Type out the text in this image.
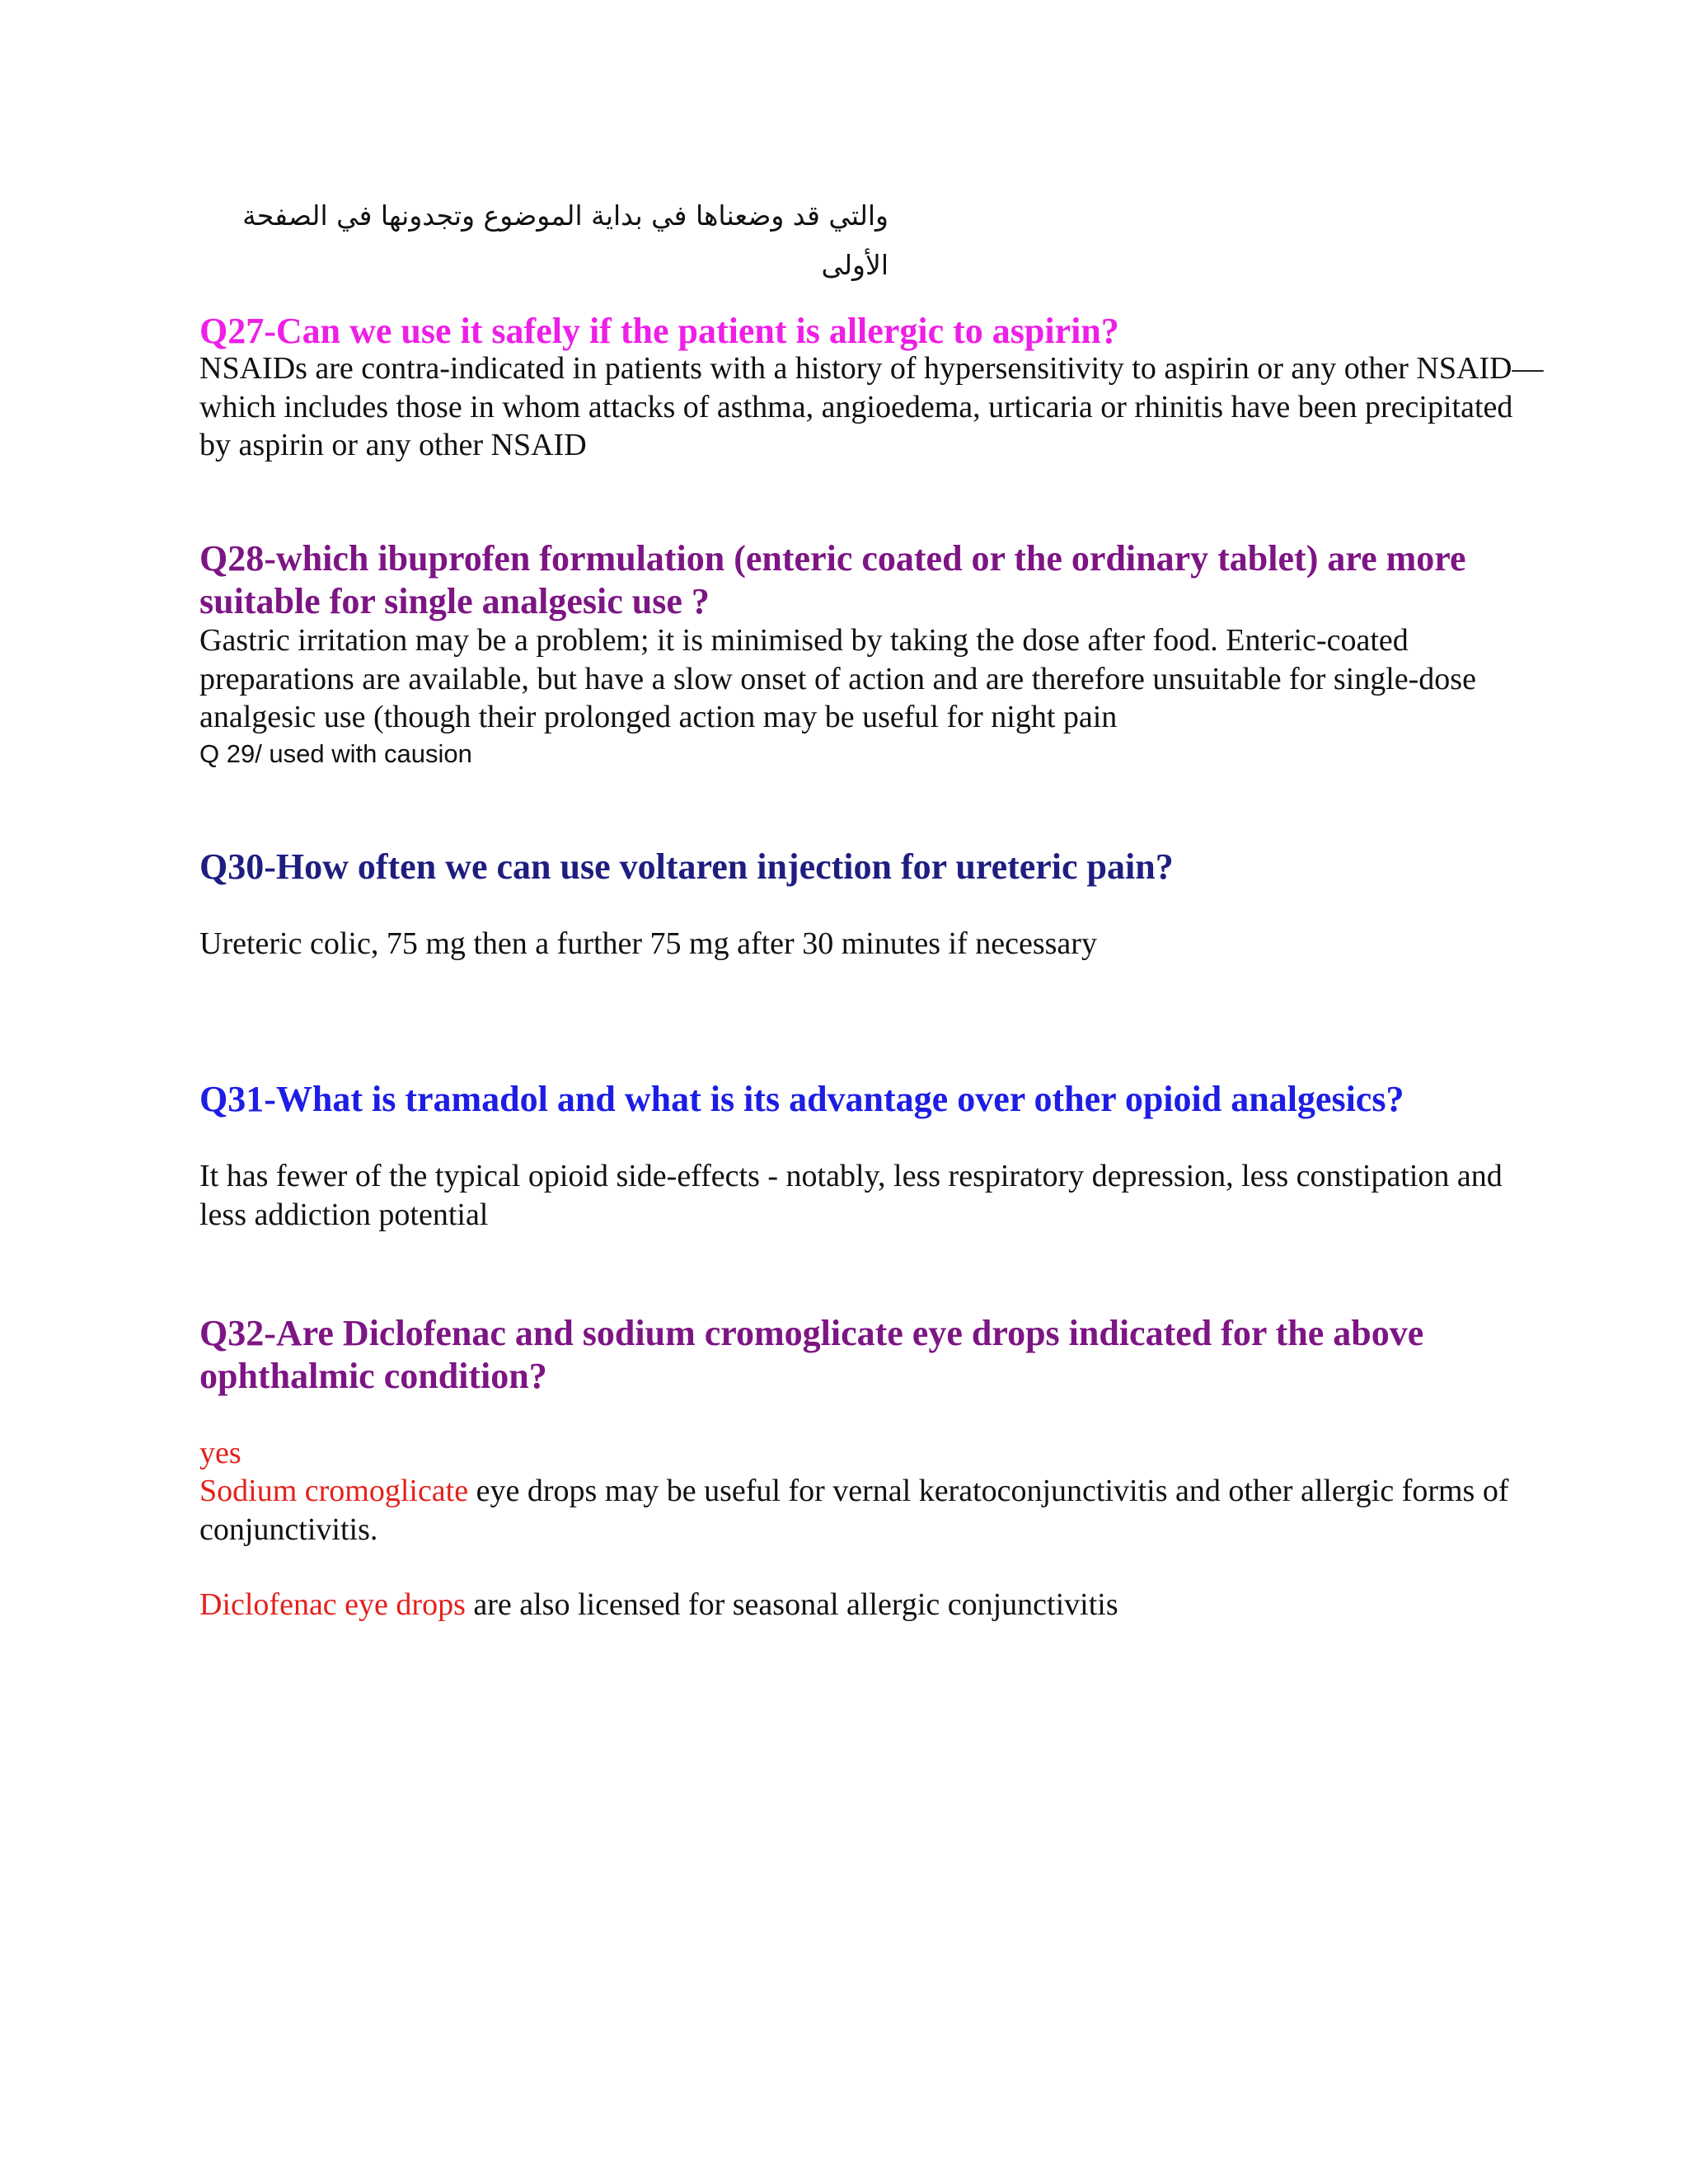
والتي قد وضعناها في بداية الموضوع وتجدونها في الصفحة الأولى
Q27-Can we use it safely if the patient is allergic to aspirin?

NSAIDs are contra-indicated in patients with a history of hypersensitivity to aspirin or any other NSAID—which includes those in whom attacks of asthma, angioedema, urticaria or rhinitis have been precipitated by aspirin or any other NSAID

Q28-which ibuprofen formulation (enteric coated or the ordinary tablet) are more suitable for single analgesic use ?

Gastric irritation may be a problem; it is minimised by taking the dose after food. Enteric-coated preparations are available, but have a slow onset of action and are therefore unsuitable for single-dose analgesic use (though their prolonged action may be useful for night pain

Q 29/ used with causion

Q30-How often we can use voltaren injection for ureteric pain?

Ureteric colic, 75 mg then a further 75 mg after 30 minutes if necessary

Q31-What is tramadol and what is its advantage over other opioid analgesics?

It has fewer of the typical opioid side-effects - notably, less respiratory depression, less constipation and less addiction potential

Q32-Are Diclofenac and sodium cromoglicate eye drops indicated for the above ophthalmic condition?

yes

Sodium cromoglicate eye drops may be useful for vernal keratoconjunctivitis and other allergic forms of conjunctivitis.

Diclofenac eye drops are also licensed for seasonal allergic conjunctivitis
